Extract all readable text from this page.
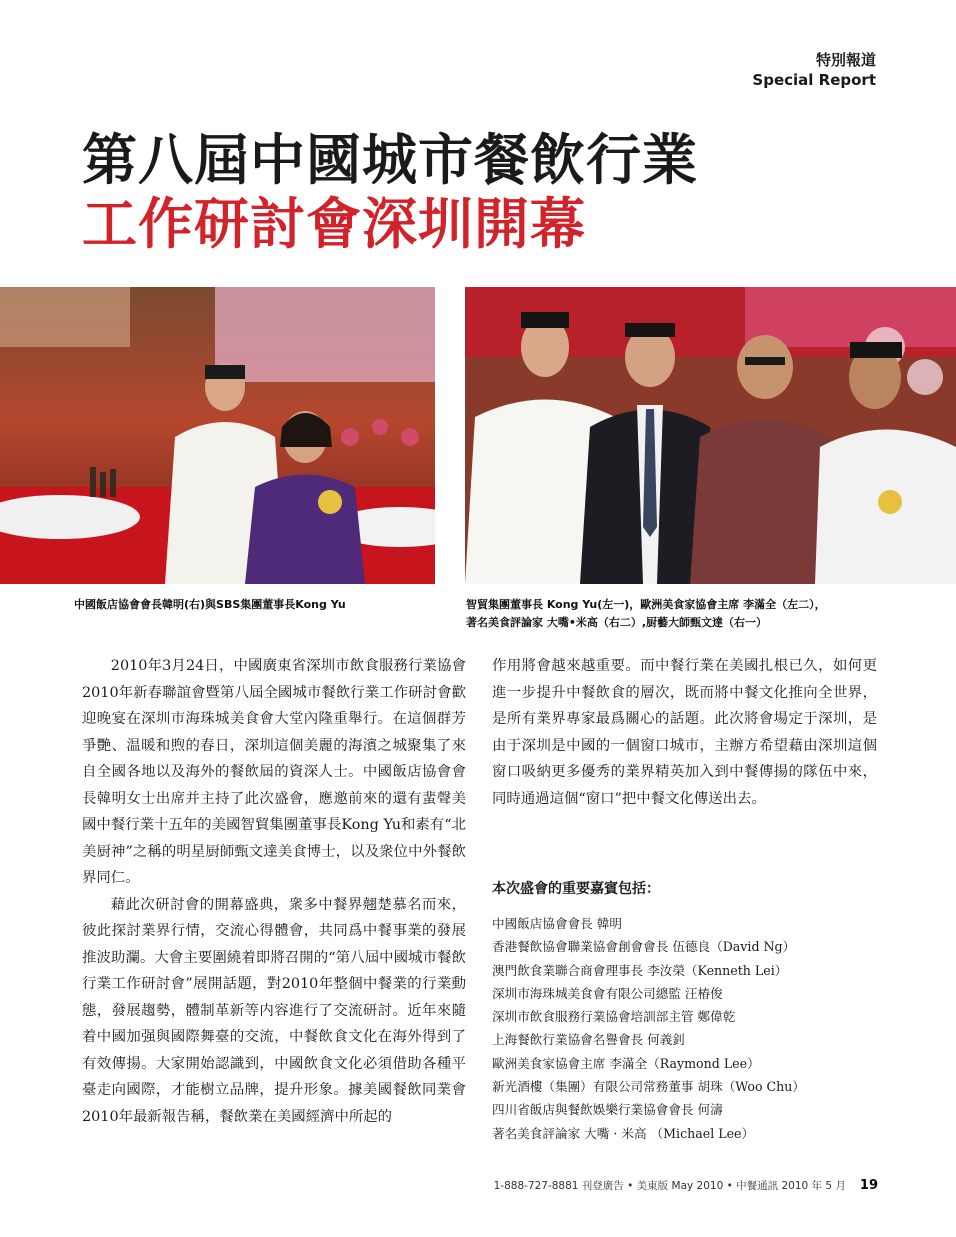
特別報道
Special Report
第八屆中國城市餐飲行業
工作研討會深圳開幕
中國飯店協會會長韓明(右)與SBS集團董事長Kong Yu	智貿集團董事長 Kong Yu(左一)，歐洲美食家協會主席 李滿全（左二），
著名美食評論家 大嘴•米高（右二）,厨藝大師甄文達（右一）

2010年3月24日，中國廣東省深圳市飲食服務行業協會2010年新春聯誼會暨第八屆全國城市餐飲行業工作研討會歡迎晚宴在深圳市海珠城美食會大堂內隆重舉行。在這個群芳爭艷、温暖和煦的春日，深圳這個美麗的海濱之城聚集了來自全國各地以及海外的餐飲屆的資深人士。中國飯店協會會長韓明女士出席并主持了此次盛會，應邀前來的還有蜚聲美國中餐行業十五年的美國智貿集團董事長Kong Yu和素有“北美厨神”之稱的明星厨師甄文達美食博士，以及衆位中外餐飲界同仁。

藉此次研討會的開幕盛典，衆多中餐界翹楚慕名而來，彼此探討業界行情，交流心得體會，共同爲中餐事業的發展推波助瀾。大會主要圍繞着即將召開的“第八屆中國城市餐飲行業工作研討會”展開話題，對2010年整個中餐業的行業動態，發展趨勢，體制革新等内容進行了交流研討。近年來隨着中國加强與國際舞臺的交流，中餐飲食文化在海外得到了有效傳揚。大家開始認識到，中國飲食文化必須借助各種平臺走向國際，才能樹立品牌，提升形象。據美國餐飲同業會2010年最新報告稱，餐飲業在美國經濟中所起的

作用將會越來越重要。而中餐行業在美國扎根已久，如何更進一步提升中餐飲食的層次，既而將中餐文化推向全世界，是所有業界專家最爲關心的話題。此次將會場定于深圳，是由于深圳是中國的一個窗口城市，主辦方希望藉由深圳這個窗口吸納更多優秀的業界精英加入到中餐傳揚的隊伍中來，同時通過這個“窗口”把中餐文化傳送出去。

本次盛會的重要嘉賓包括：
中國飯店協會會長 韓明
香港餐飲協會聯業協會創會會長 伍德良（David Ng）
澳門飲食業聯合商會理事長 李汝榮（Kenneth Lei）
深圳市海珠城美食會有限公司總監 汪椿俊
深圳市飲食服務行業協會培訓部主管 鄭偉乾
上海餐飲行業協會名譽會長 何義釗
歐洲美食家協會主席 李滿全（Raymond Lee）
新光酒樓（集團）有限公司常務董事 胡珠（Woo Chu）
四川省飯店與餐飲娛樂行業協會會長 何濤
著名美食評論家 大嘴 · 米高 （Michael Lee）
1-888-727-8881 刊登廣告 • 美東版 May 2010 • 中餐通訊 2010 年 5 月 19
